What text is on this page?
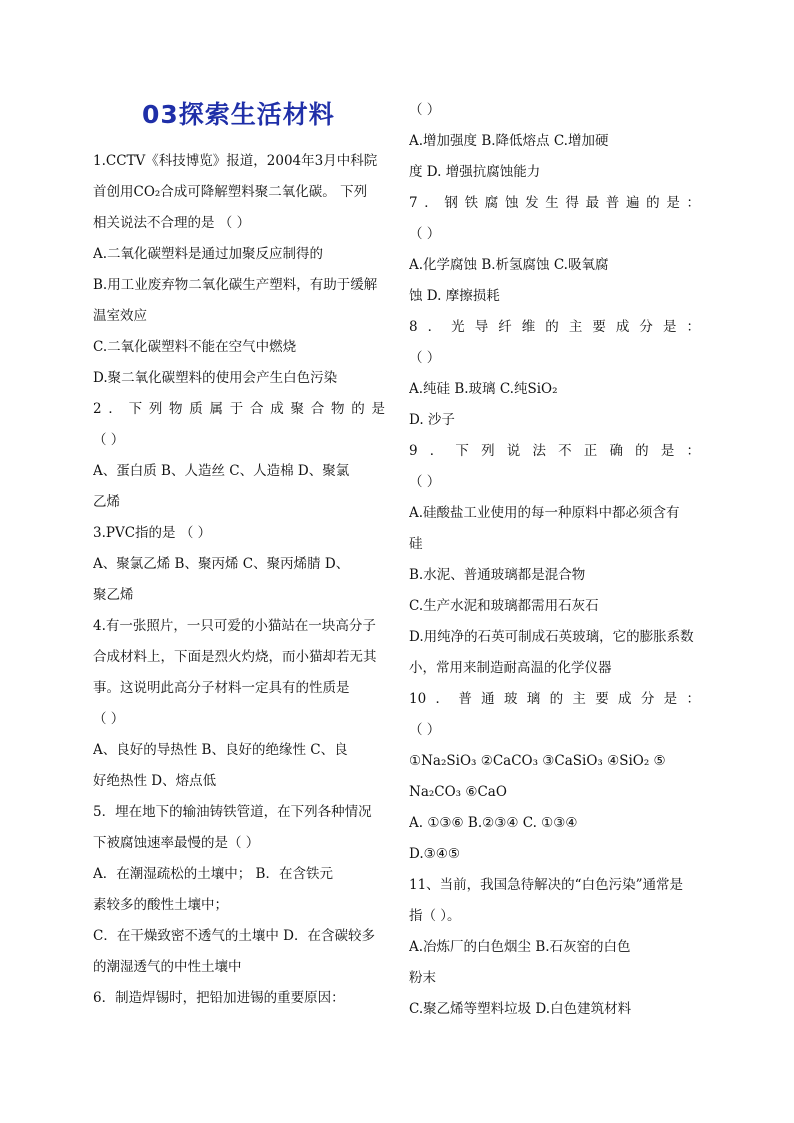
03探索生活材料
1.CCTV《科技博览》报道，2004年3月中科院
首创用CO₂合成可降解塑料聚二氧化碳。 下列
相关说法不合理的是 （ ）
A.二氧化碳塑料是通过加聚反应制得的
B.用工业废弃物二氧化碳生产塑料，有助于缓解
温室效应
C.二氧化碳塑料不能在空气中燃烧
D.聚二氧化碳塑料的使用会产生白色污染
2．下列物质属于合成聚合物的是
（ ）
A、蛋白质 B、人造丝 C、人造棉 D、聚氯
乙烯
3.PVC指的是 （ ）
A、聚氯乙烯 B、聚丙烯 C、聚丙烯腈 D、
聚乙烯
4.有一张照片，一只可爱的小猫站在一块高分子
合成材料上，下面是烈火灼烧，而小猫却若无其
事。这说明此高分子材料一定具有的性质是
（ ）
A、良好的导热性 B、良好的绝缘性 C、良
好绝热性 D、熔点低
5．埋在地下的输油铸铁管道，在下列各种情况
下被腐蚀速率最慢的是（ ）
A．在潮湿疏松的土壤中； B．在含铁元
素较多的酸性土壤中；
C．在干燥致密不透气的土壤中 D．在含碳较多
的潮湿透气的中性土壤中
6．制造焊锡时，把铅加进锡的重要原因：
（ ）
A.增加强度 B.降低熔点 C.增加硬
度 D. 增强抗腐蚀能力
7．钢铁腐蚀发生得最普遍的是：
（ ）
A.化学腐蚀 B.析氢腐蚀 C.吸氧腐
蚀 D. 摩擦损耗
8．光导纤维的主要成分是：
（ ）
A.纯硅 B.玻璃 C.纯SiO₂
D. 沙子
9．下列说法不正确的是：
（ ）
A.硅酸盐工业使用的每一种原料中都必须含有
硅
B.水泥、普通玻璃都是混合物
C.生产水泥和玻璃都需用石灰石
D.用纯净的石英可制成石英玻璃，它的膨胀系数
小，常用来制造耐高温的化学仪器
10．普通玻璃的主要成分是：
（ ）
①Na₂SiO₃ ②CaCO₃ ③CaSiO₃ ④SiO₂ ⑤
Na₂CO₃ ⑥CaO
A. ①③⑥ B.②③④ C. ①③④
D.③④⑤
11、当前，我国急待解决的“白色污染”通常是
指（ ）。
A.冶炼厂的白色烟尘 B.石灰窑的白色
粉末
C.聚乙烯等塑料垃圾 D.白色建筑材料
